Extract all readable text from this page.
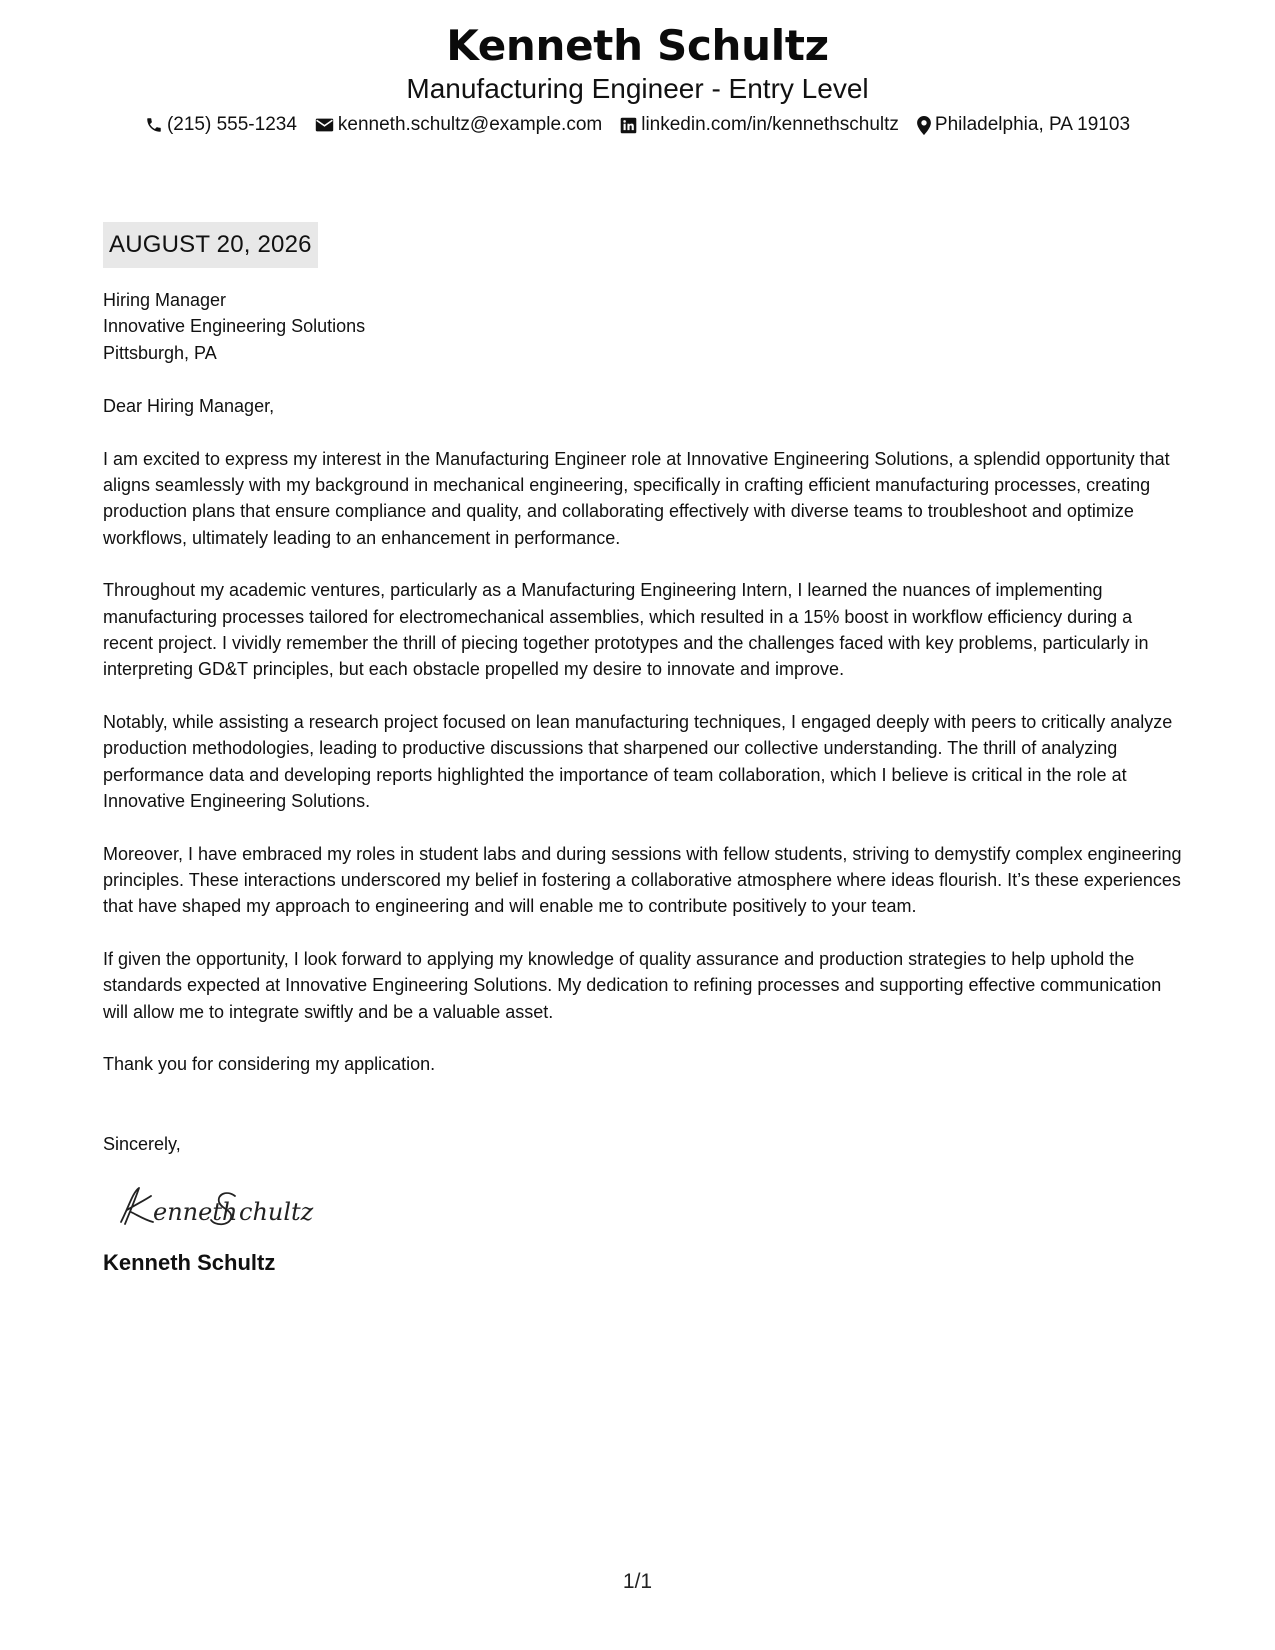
Kenneth Schultz
Manufacturing Engineer - Entry Level
(215) 555-1234 kenneth.schultz@example.com linkedin.com/in/kennethschultz Philadelphia, PA 19103
AUGUST 20, 2026
Hiring Manager
Innovative Engineering Solutions
Pittsburgh, PA
Dear Hiring Manager,

I am excited to express my interest in the Manufacturing Engineer role at Innovative Engineering Solutions, a splendid opportunity that aligns seamlessly with my background in mechanical engineering, specifically in crafting efficient manufacturing processes, creating production plans that ensure compliance and quality, and collaborating effectively with diverse teams to troubleshoot and optimize workflows, ultimately leading to an enhancement in performance.

Throughout my academic ventures, particularly as a Manufacturing Engineering Intern, I learned the nuances of implementing manufacturing processes tailored for electromechanical assemblies, which resulted in a 15% boost in workflow efficiency during a recent project. I vividly remember the thrill of piecing together prototypes and the challenges faced with key problems, particularly in interpreting GD&T principles, but each obstacle propelled my desire to innovate and improve.

Notably, while assisting a research project focused on lean manufacturing techniques, I engaged deeply with peers to critically analyze production methodologies, leading to productive discussions that sharpened our collective understanding. The thrill of analyzing performance data and developing reports highlighted the importance of team collaboration, which I believe is critical in the role at Innovative Engineering Solutions.

Moreover, I have embraced my roles in student labs and during sessions with fellow students, striving to demystify complex engineering principles. These interactions underscored my belief in fostering a collaborative atmosphere where ideas flourish. It’s these experiences that have shaped my approach to engineering and will enable me to contribute positively to your team.

If given the opportunity, I look forward to applying my knowledge of quality assurance and production strategies to help uphold the standards expected at Innovative Engineering Solutions. My dedication to refining processes and supporting effective communication will allow me to integrate swiftly and be a valuable asset.

Thank you for considering my application.
Sincerely,
enneth chultz
Kenneth Schultz
1/1
